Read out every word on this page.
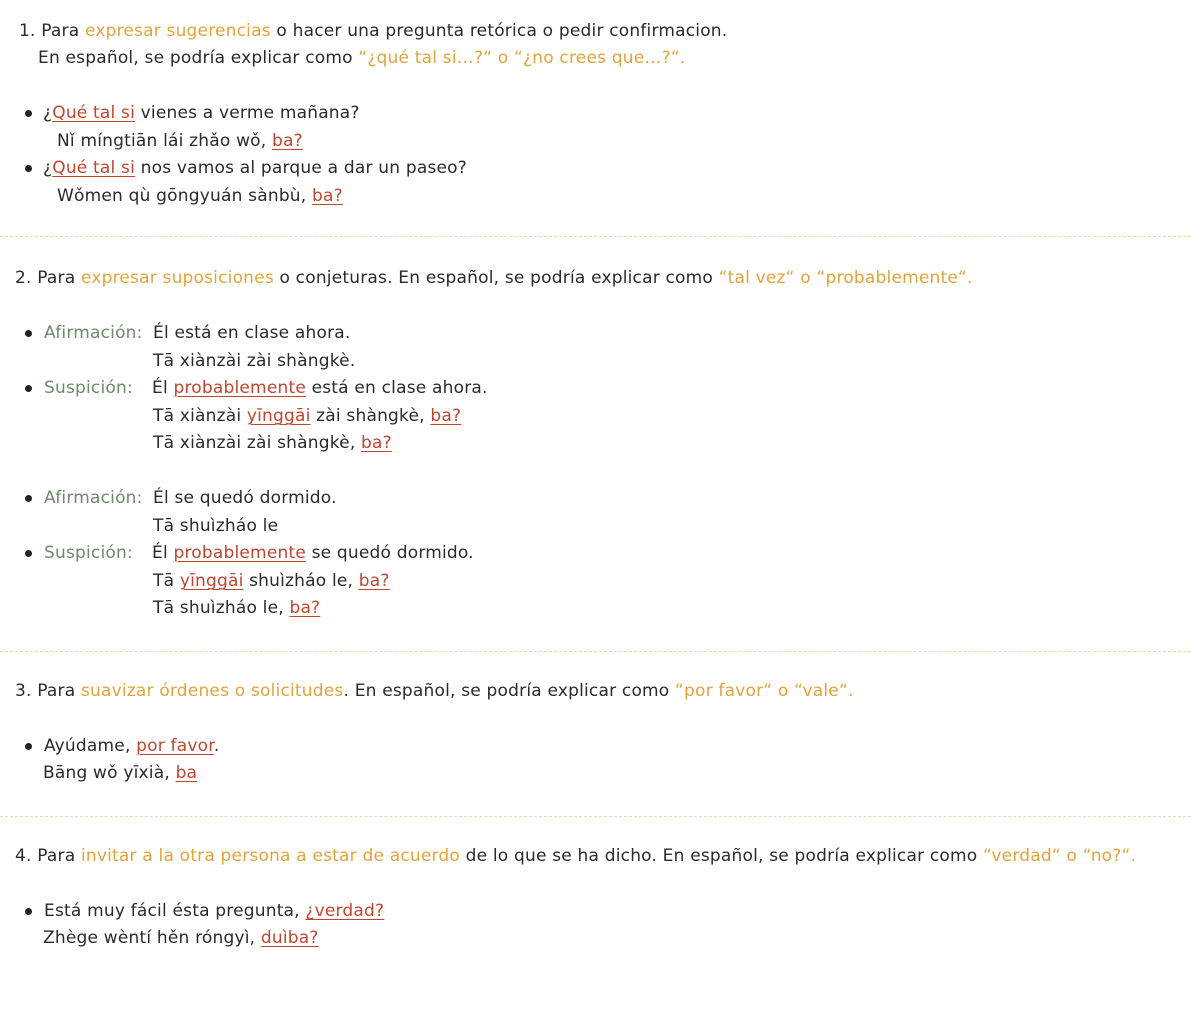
1. Para expresar sugerencias o hacer una pregunta retórica o pedir confirmacion.
En español, se podría explicar como “¿qué tal si…?“ o “¿no crees que…?“.
¿Qué tal si vienes a verme mañana?
Nǐ míngtiān lái zhǎo wǒ, ba?
¿Qué tal si nos vamos al parque a dar un paseo?
Wǒmen qù gōngyuán sànbù, ba?
2. Para expresar suposiciones o conjeturas. En español, se podría explicar como “tal vez“ o “probablemente“.
Afirmación: Él está en clase ahora.
Tā xiànzài zài shàngkè.
Suspición: Él probablemente está en clase ahora.
Tā xiànzài yīnggāi zài shàngkè, ba?
Tā xiànzài zài shàngkè, ba?
Afirmación: Él se quedó dormido.
Tā shuìzháo le
Suspición: Él probablemente se quedó dormido.
Tā yīnggāi shuìzháo le, ba?
Tā shuìzháo le, ba?
3. Para suavizar órdenes o solicitudes. En español, se podría explicar como “por favor“ o “vale“.
Ayúdame, por favor.
Bāng wǒ yīxià, ba
4. Para invitar a la otra persona a estar de acuerdo de lo que se ha dicho. En español, se podría explicar como “verdad“ o “no?“.
Está muy fácil ésta pregunta, ¿verdad?
Zhège wèntí hěn róngyì, duìba?
